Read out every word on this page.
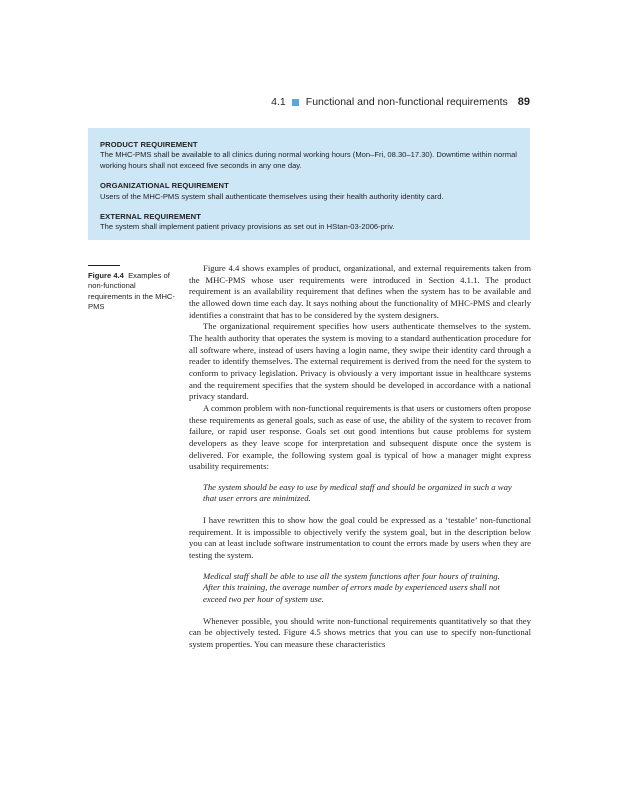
4.1 Functional and non-functional requirements 89
PRODUCT REQUIREMENT
The MHC-PMS shall be available to all clinics during normal working hours (Mon–Fri, 08.30–17.30). Downtime within normal working hours shall not exceed five seconds in any one day.
ORGANIZATIONAL REQUIREMENT
Users of the MHC-PMS system shall authenticate themselves using their health authority identity card.
EXTERNAL REQUIREMENT
The system shall implement patient privacy provisions as set out in HStan-03-2006-priv.
Figure 4.4 Examples of non-functional requirements in the MHC-PMS

Figure 4.4 shows examples of product, organizational, and external requirements taken from the MHC-PMS whose user requirements were introduced in Section 4.1.1. The product requirement is an availability requirement that defines when the system has to be available and the allowed down time each day. It says nothing about the functionality of MHC-PMS and clearly identifies a constraint that has to be considered by the system designers.

The organizational requirement specifies how users authenticate themselves to the system. The health authority that operates the system is moving to a standard authentication procedure for all software where, instead of users having a login name, they swipe their identity card through a reader to identify themselves. The external requirement is derived from the need for the system to conform to privacy legislation. Privacy is obviously a very important issue in healthcare systems and the requirement specifies that the system should be developed in accordance with a national privacy standard.

A common problem with non-functional requirements is that users or customers often propose these requirements as general goals, such as ease of use, the ability of the system to recover from failure, or rapid user response. Goals set out good intentions but cause problems for system developers as they leave scope for interpretation and subsequent dispute once the system is delivered. For example, the following system goal is typical of how a manager might express usability requirements:

The system should be easy to use by medical staff and should be organized in such a way that user errors are minimized.

I have rewritten this to show how the goal could be expressed as a ‘testable’ non-functional requirement. It is impossible to objectively verify the system goal, but in the description below you can at least include software instrumentation to count the errors made by users when they are testing the system.

Medical staff shall be able to use all the system functions after four hours of training. After this training, the average number of errors made by experienced users shall not exceed two per hour of system use.

Whenever possible, you should write non-functional requirements quantitatively so that they can be objectively tested. Figure 4.5 shows metrics that you can use to specify non-functional system properties. You can measure these characteristics
